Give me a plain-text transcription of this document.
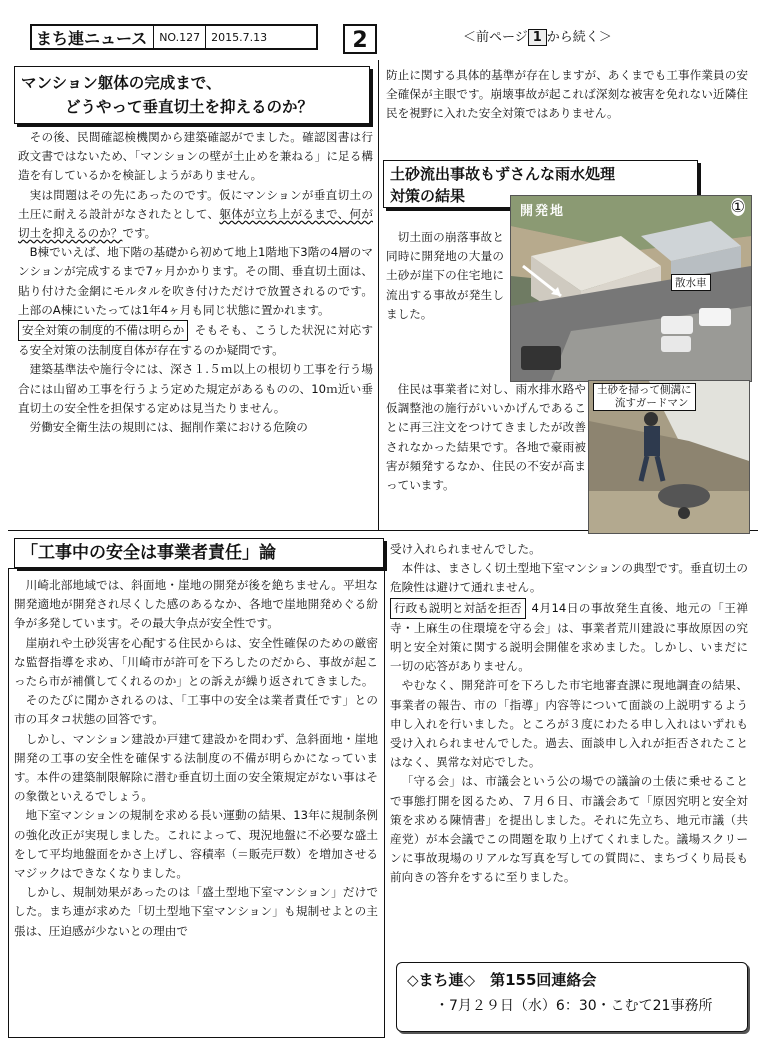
まち連ニュース	NO.127	2015.7.13	2	＜前ページ 1 から続く＞
マンション躯体の完成まで、
どうやって垂直切土を抑えるのか？

その後、民間確認検機関から建築確認がでました。確認図書は行政文書ではないため、「マンションの壁が土止めを兼ねる」に足る構造を有しているかを検証しようがありません。

実は問題はその先にあったのです。仮にマンションが垂直切土の土圧に耐える設計がなされたとして、躯体が立ち上がるまで、何が切土を抑えるのか？です。

B棟でいえば、地下階の基礎から初めて地上1階地下3階の4層のマンションが完成するまで7ヶ月かかります。その間、垂直切土面は、貼り付けた金網にモルタルを吹き付けただけで放置されるのです。上部のA棟にいたっては1年4ヶ月も同じ状態に置かれます。

安全対策の制度的不備は明らか そもそも、こうした状況に対応する安全対策の法制度自体が存在するのか疑問です。

建築基準法や施行令には、深さ１.５ｍ以上の根切り工事を行う場合には山留め工事を行うよう定めた規定があるものの、10ｍ近い垂直切土の安全性を担保する定めは見当たりません。

労働安全衛生法の規則には、掘削作業における危険の

防止に関する具体的基準が存在しますが、あくまでも工事作業員の安全確保が主眼です。崩壊事故が起これば深刻な被害を免れない近隣住民を視野に入れた安全対策ではありません。

土砂流出事故もずさんな雨水処理
対策の結果

切土面の崩落事故と同時に開発地の大量の土砂が崖下の住宅地に流出する事故が発生しました。

住民は事業者に対し、雨水排水路や仮調整池の施行がいいかげんであることに再三注文をつけてきましたが改善されなかった結果です。各地で豪雨被害が頻発するなか、住民の不安が高まっています。

開発地	①
散水車
土砂を掃って側溝に
流すガードマン
「工事中の安全は事業者責任」論

川崎北部地域では、斜面地・崖地の開発が後を絶ちません。平坦な開発適地が開発され尽くした感のあるなか、各地で崖地開発めぐる紛争が多発しています。その最大争点が安全性です。

崖崩れや土砂災害を心配する住民からは、安全性確保のための厳密な監督指導を求め、「川崎市が許可を下ろしたのだから、事故が起こったら市が補償してくれるのか」との訴えが繰り返されてきました。

そのたびに聞かされるのは、「工事中の安全は業者責任です」との市の耳タコ状態の回答です。

しかし、マンション建設か戸建て建設かを問わず、急斜面地・崖地開発の工事の安全性を確保する法制度の不備が明らかになっています。本件の建築制限解除に潜む垂直切土面の安全策規定がない事はその象徴といえるでしょう。

地下室マンションの規制を求める長い運動の結果、13年に規制条例の強化改正が実現しました。これによって、現況地盤に不必要な盛土をして平均地盤面をかさ上げし、容積率（＝販売戸数）を増加させるマジックはできなくなりました。

しかし、規制効果があったのは「盛土型地下室マンション」だけでした。まち連が求めた「切土型地下室マンション」も規制せよとの主張は、圧迫感が少ないとの理由で

受け入れられませんでした。

本件は、まさしく切土型地下室マンションの典型です。垂直切土の危険性は避けて通れません。

行政も説明と対話を拒否 4月14日の事故発生直後、地元の「王禅寺・上麻生の住環境を守る会」は、事業者荒川建設に事故原因の究明と安全対策に関する説明会開催を求めました。しかし、いまだに一切の応答がありません。

やむなく、開発許可を下ろした市宅地審査課に現地調査の結果、事業者の報告、市の「指導」内容等について面談の上説明するよう申し入れを行いました。ところが３度にわたる申し入れはいずれも受け入れられませんでした。過去、面談申し入れが拒否されたことはなく、異常な対応でした。

「守る会」は、市議会という公の場での議論の土俵に乗せることで事態打開を図るため、７月６日、市議会あて「原因究明と安全対策を求める陳情書」を提出しました。それに先立ち、地元市議（共産党）が本会議でこの問題を取り上げてくれました。議場スクリーンに事故現場のリアルな写真を写しての質問に、まちづくり局長も前向きの答弁をするに至りました。

◇まち連◇　第155回連絡会
・7月２９日（水）6：30・こむて21事務所
